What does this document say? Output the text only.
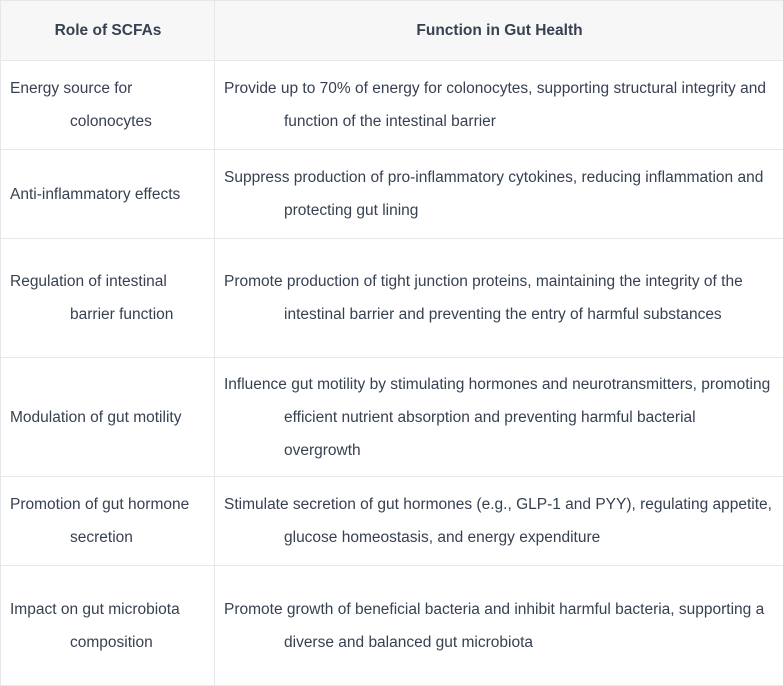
Role of SCFAs	Function in Gut Health

Energy source for colonocytes	Provide up to 70% of energy for colonocytes, supporting structural integrity and function of the intestinal barrier

Anti-inflammatory effects	Suppress production of pro-inflammatory cytokines, reducing inflammation and protecting gut lining

Regulation of intestinal barrier function	Promote production of tight junction proteins, maintaining the integrity of the intestinal barrier and preventing the entry of harmful substances

Modulation of gut motility	Influence gut motility by stimulating hormones and neurotransmitters, promoting efficient nutrient absorption and preventing harmful bacterial overgrowth

Promotion of gut hormone secretion	Stimulate secretion of gut hormones (e.g., GLP-1 and PYY), regulating appetite, glucose homeostasis, and energy expenditure

Impact on gut microbiota composition	Promote growth of beneficial bacteria and inhibit harmful bacteria, supporting a diverse and balanced gut microbiota
